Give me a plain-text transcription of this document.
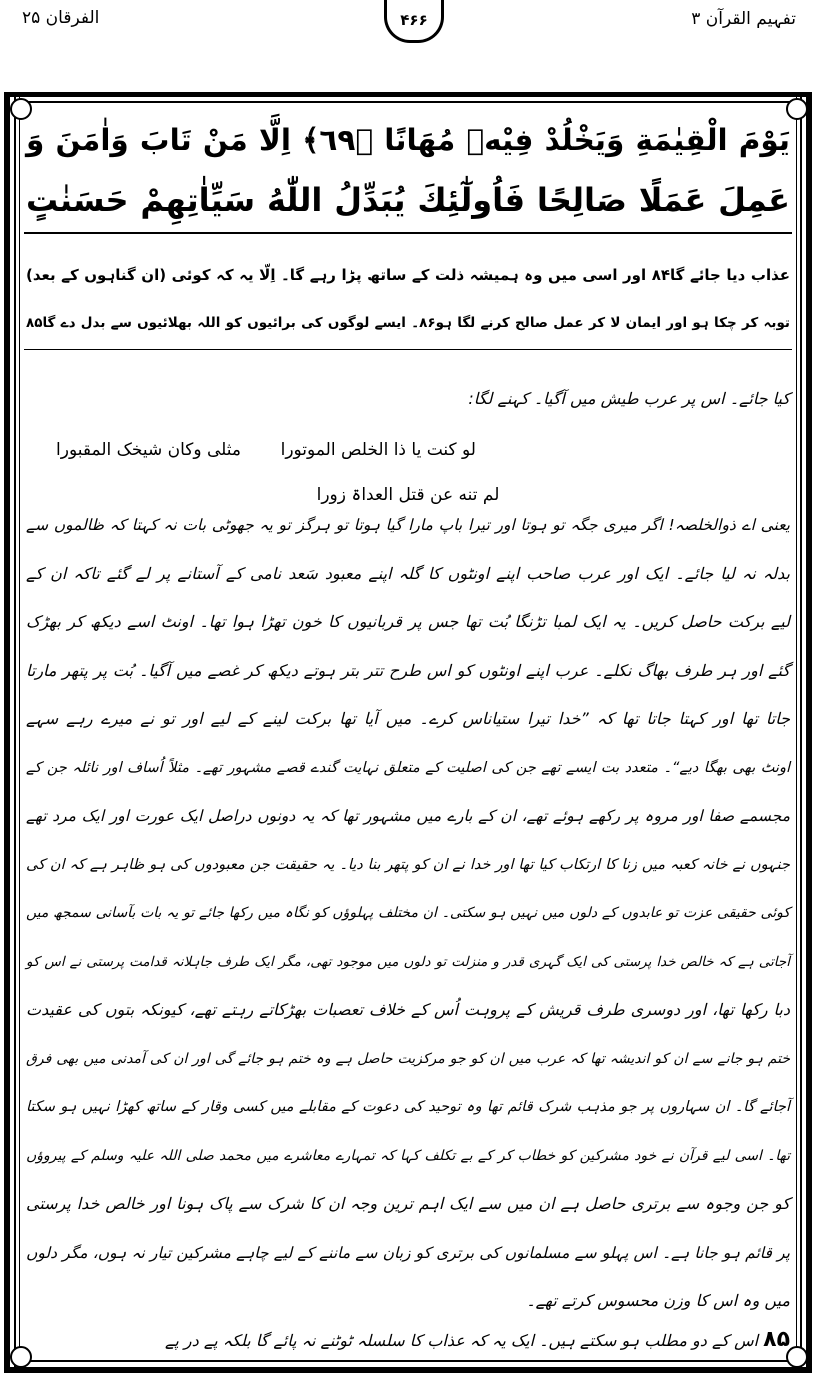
تفہیم القرآن ۳
۴۶۶
الفرقان ۲۵
يَوْمَ الْقِيٰمَةِ وَيَخْلُدْ فِيْهٖ مُهَانًا ﴿٦٩﴾ اِلَّا مَنْ تَابَ وَاٰمَنَ وَ
عَمِلَ عَمَلًا صَالِحًا فَاُولٰٓئِكَ يُبَدِّلُ اللّٰهُ سَيِّاٰتِهِمْ حَسَنٰتٍ
عذاب دیا جائے گا۸۴ اور اسی میں وہ ہمیشہ ذلت کے ساتھ پڑا رہے گا۔ اِلّا یہ کہ کوئی (ان گناہوں کے بعد)
توبہ کر چکا ہو اور ایمان لا کر عمل صالح کرنے لگا ہو۸۶۔ ایسے لوگوں کی برائیوں کو اللہ بھلائیوں سے بدل دے گا۸۵
کیا جائے۔ اس پر عرب طیش میں آگیا۔ کہنے لگا:
لو کنت یا ذا الخلص الموتورا
مثلی وکان شیخک المقبورا
لم تنه عن قتل العداۃ زورا
یعنی اے ذوالخلصہ! اگر میری جگہ تو ہوتا اور تیرا باپ مارا گیا ہوتا تو ہرگز تو یہ جھوٹی بات نہ کہتا کہ ظالموں سے
بدلہ نہ لیا جائے۔ ایک اور عرب صاحب اپنے اونٹوں کا گلہ اپنے معبود سَعد نامی کے آستانے پر لے گئے تاکہ ان کے
لیے برکت حاصل کریں۔ یہ ایک لمبا تڑنگا بُت تھا جس پر قربانیوں کا خون تھڑا ہوا تھا۔ اونٹ اسے دیکھ کر بھڑک
گئے اور ہر طرف بھاگ نکلے۔ عرب اپنے اونٹوں کو اس طرح تتر بتر ہوتے دیکھ کر غصے میں آگیا۔ بُت پر پتھر مارتا
جاتا تھا اور کہتا جاتا تھا کہ ”خدا تیرا ستیاناس کرے۔ میں آیا تھا برکت لینے کے لیے اور تو نے میرے رہے سہے
اونٹ بھی بھگا دیے“۔ متعدد بت ایسے تھے جن کی اصلیت کے متعلق نہایت گندے قصے مشہور تھے۔ مثلاً اُساف اور نائلہ جن کے
مجسمے صفا اور مروہ پر رکھے ہوئے تھے، ان کے بارے میں مشہور تھا کہ یہ دونوں دراصل ایک عورت اور ایک مرد تھے
جنہوں نے خانہ کعبہ میں زنا کا ارتکاب کیا تھا اور خدا نے ان کو پتھر بنا دیا۔ یہ حقیقت جن معبودوں کی ہو ظاہر ہے کہ ان کی
کوئی حقیقی عزت تو عابدوں کے دلوں میں نہیں ہو سکتی۔ ان مختلف پہلوؤں کو نگاہ میں رکھا جائے تو یہ بات بآسانی سمجھ میں
آجاتی ہے کہ خالص خدا پرستی کی ایک گہری قدر و منزلت تو دلوں میں موجود تھی، مگر ایک طرف جاہلانہ قدامت پرستی نے اس کو
دبا رکھا تھا، اور دوسری طرف قریش کے پروہت اُس کے خلاف تعصبات بھڑکاتے رہتے تھے، کیونکہ بتوں کی عقیدت
ختم ہو جانے سے ان کو اندیشہ تھا کہ عرب میں ان کو جو مرکزیت حاصل ہے وہ ختم ہو جائے گی اور ان کی آمدنی میں بھی فرق
آجائے گا۔ ان سہاروں پر جو مذہب شرک قائم تھا وہ توحید کی دعوت کے مقابلے میں کسی وقار کے ساتھ کھڑا نہیں ہو سکتا
تھا۔ اسی لیے قرآن نے خود مشرکین کو خطاب کر کے بے تکلف کہا کہ تمہارے معاشرے میں محمد صلی اللہ علیہ وسلم کے پیروؤں
کو جن وجوہ سے برتری حاصل ہے ان میں سے ایک اہم ترین وجہ ان کا شرک سے پاک ہونا اور خالص خدا پرستی
پر قائم ہو جانا ہے۔ اس پہلو سے مسلمانوں کی برتری کو زبان سے ماننے کے لیے چاہے مشرکین تیار نہ ہوں، مگر دلوں
میں وہ اس کا وزن محسوس کرتے تھے۔
۸۵ اس کے دو مطلب ہو سکتے ہیں۔ ایک یہ کہ عذاب کا سلسلہ ٹوٹنے نہ پائے گا بلکہ پے در پے
